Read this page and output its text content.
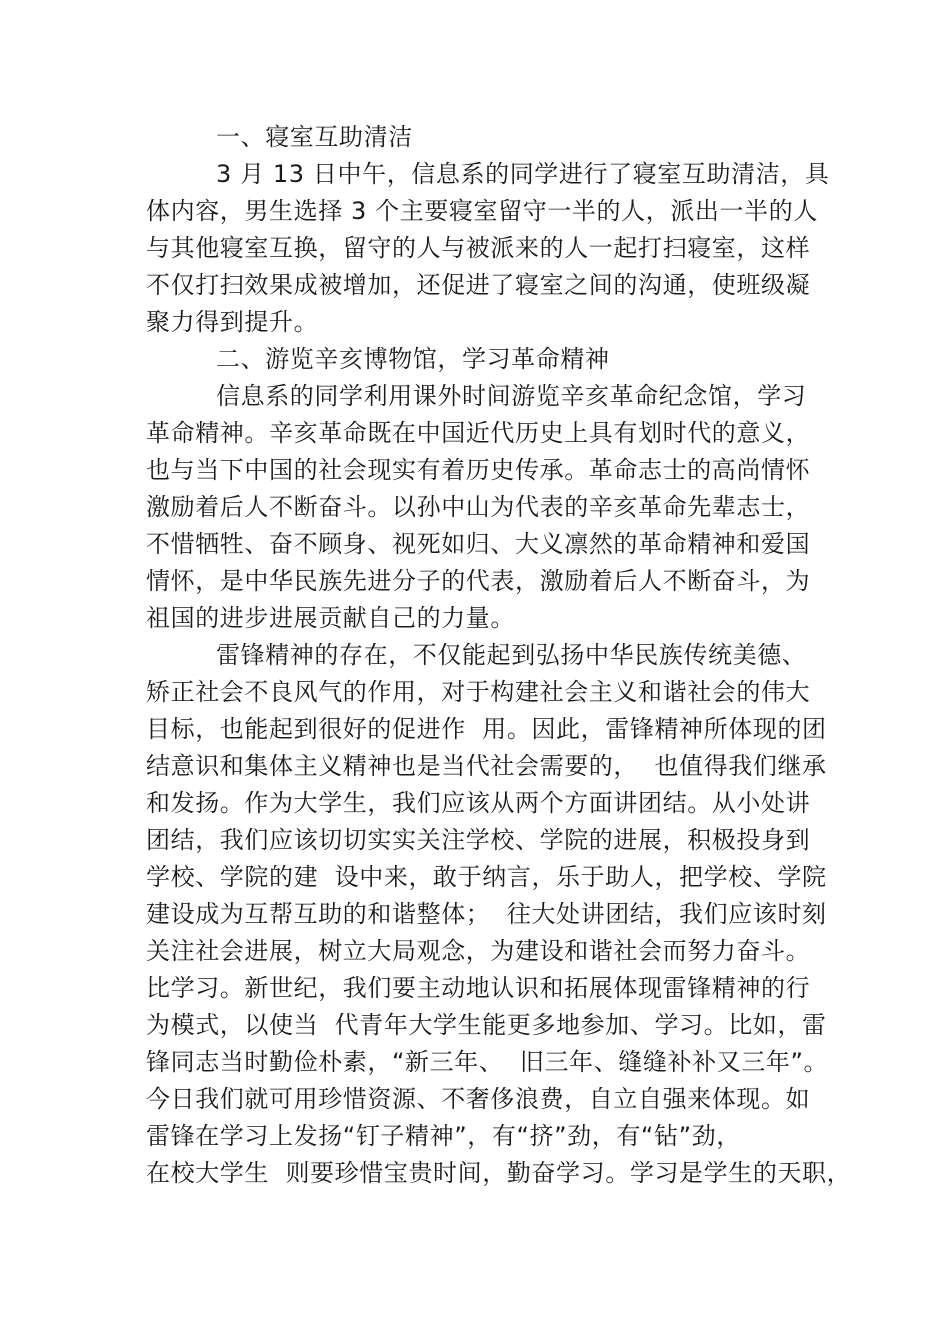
一、寝室互助清洁
3 月 13 日中午，信息系的同学进行了寝室互助清洁，具
体内容，男生选择 3 个主要寝室留守一半的人，派出一半的人
与其他寝室互换，留守的人与被派来的人一起打扫寝室，这样
不仅打扫效果成被增加，还促进了寝室之间的沟通，使班级凝
聚力得到提升。
二、游览辛亥博物馆，学习革命精神
信息系的同学利用课外时间游览辛亥革命纪念馆，学习
革命精神。辛亥革命既在中国近代历史上具有划时代的意义，
也与当下中国的社会现实有着历史传承。革命志士的高尚情怀
激励着后人不断奋斗。以孙中山为代表的辛亥革命先辈志士，
不惜牺牲、奋不顾身、视死如归、大义凛然的革命精神和爱国
情怀，是中华民族先进分子的代表，激励着后人不断奋斗，为
祖国的进步进展贡献自己的力量。
雷锋精神的存在，不仅能起到弘扬中华民族传统美德、
矫正社会不良风气的作用，对于构建社会主义和谐社会的伟大
目标，也能起到很好的促进作  用。因此，雷锋精神所体现的团
结意识和集体主义精神也是当代社会需要的，  也值得我们继承
和发扬。作为大学生，我们应该从两个方面讲团结。从小处讲
团结，我们应该切切实实关注学校、学院的进展，积极投身到
学校、学院的建  设中来，敢于纳言，乐于助人，把学校、学院
建设成为互帮互助的和谐整体；  往大处讲团结，我们应该时刻
关注社会进展，树立大局观念，为建设和谐社会而努力奋斗。
比学习。新世纪，我们要主动地认识和拓展体现雷锋精神的行
为模式，以使当  代青年大学生能更多地参加、学习。比如，雷
锋同志当时勤俭朴素，“新三年、  旧三年、缝缝补补又三年”。
今日我们就可用珍惜资源、不奢侈浪费，自立自强来体现。如
雷锋在学习上发扬“钉子精神”，有“挤”劲，有“钻”劲，
在校大学生  则要珍惜宝贵时间，勤奋学习。学习是学生的天职，
